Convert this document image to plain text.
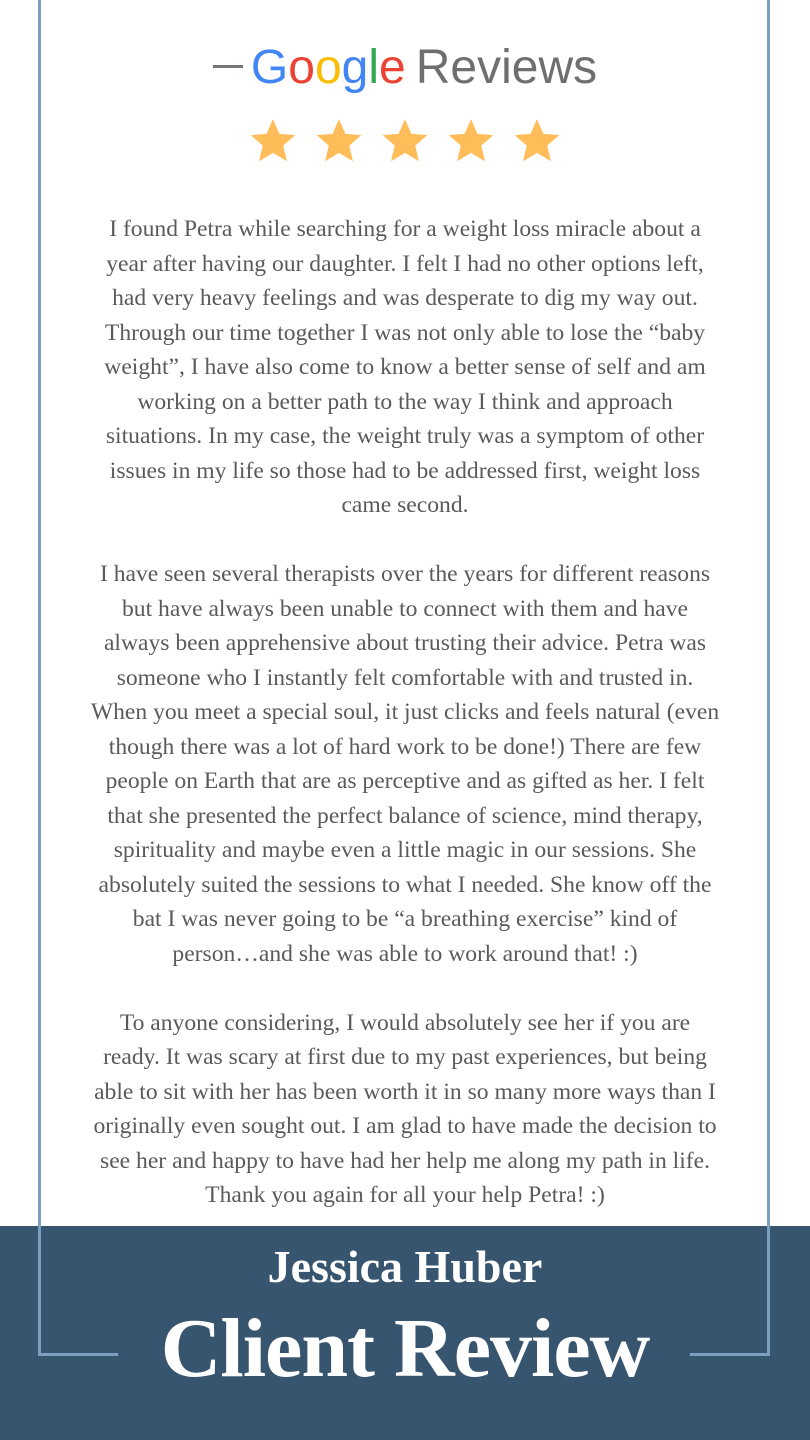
Google Reviews
I found Petra while searching for a weight loss miracle about a
year after having our daughter. I felt I had no other options left,
had very heavy feelings and was desperate to dig my way out.
Through our time together I was not only able to lose the “baby
weight”, I have also come to know a better sense of self and am
working on a better path to the way I think and approach
situations. In my case, the weight truly was a symptom of other
issues in my life so those had to be addressed first, weight loss
came second.
I have seen several therapists over the years for different reasons
but have always been unable to connect with them and have
always been apprehensive about trusting their advice. Petra was
someone who I instantly felt comfortable with and trusted in.
When you meet a special soul, it just clicks and feels natural (even
though there was a lot of hard work to be done!) There are few
people on Earth that are as perceptive and as gifted as her. I felt
that she presented the perfect balance of science, mind therapy,
spirituality and maybe even a little magic in our sessions. She
absolutely suited the sessions to what I needed. She know off the
bat I was never going to be “a breathing exercise” kind of
person…and she was able to work around that! :)
To anyone considering, I would absolutely see her if you are
ready. It was scary at first due to my past experiences, but being
able to sit with her has been worth it in so many more ways than I
originally even sought out. I am glad to have made the decision to
see her and happy to have had her help me along my path in life.
Thank you again for all your help Petra! :)
Jessica Huber
Client Review
